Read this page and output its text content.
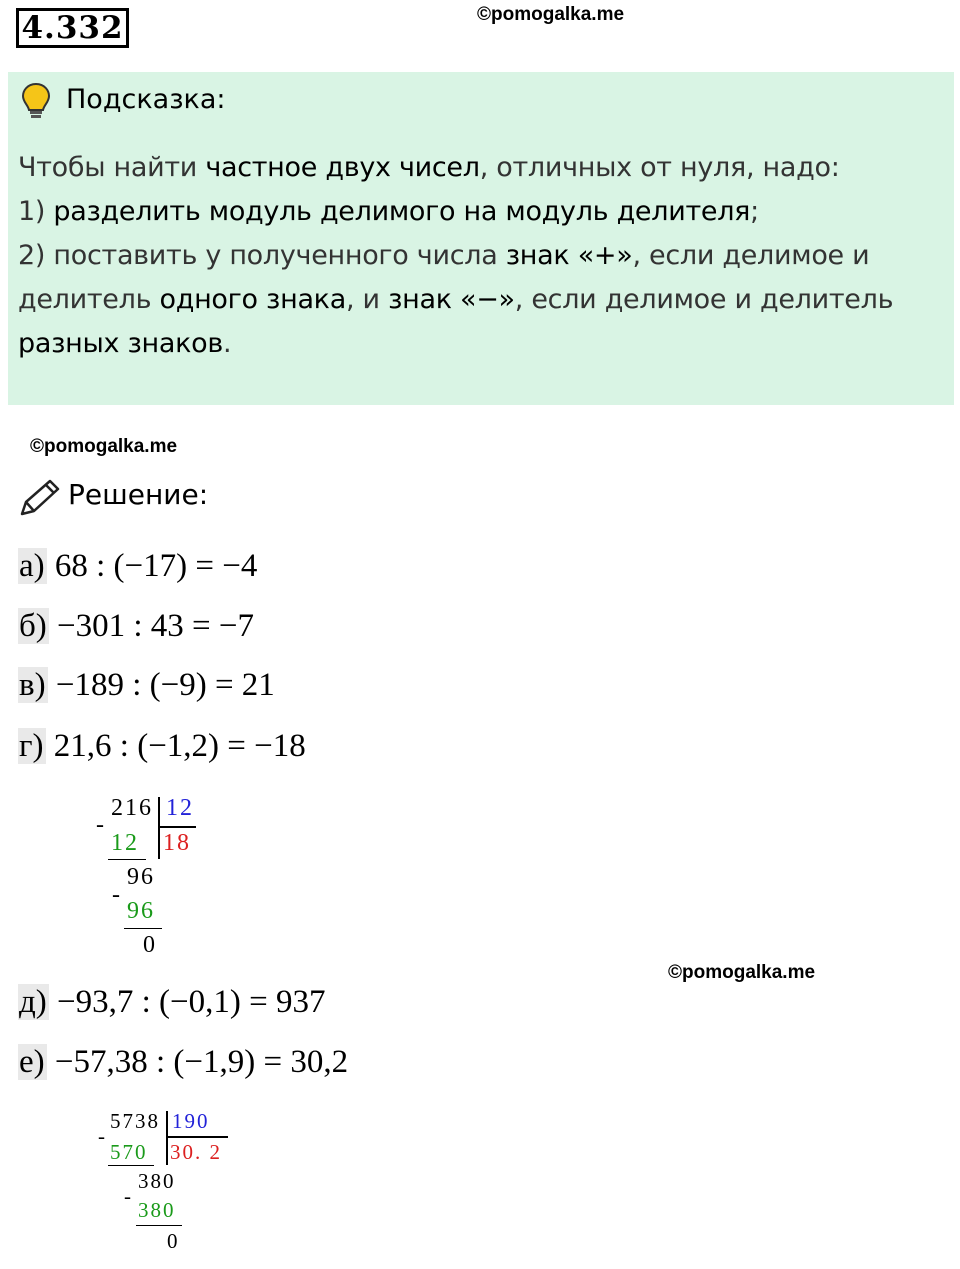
4.332	©pomogalka.me
Подсказка:
Чтобы найти частное двух чисел, отличных от нуля, надо:
1) разделить модуль делимого на модуль делителя;
2) поставить у полученного числа знак «+», если делимое и делитель одного знака, и знак «−», если делимое и делитель разных знаков.
©pomogalka.me
Решение:
а) 68 : (−17) = −4
б) −301 : 43 = −7
в) −189 : (−9) = 21
г) 21,6 : (−1,2) = −18
216 12
18
-
12
96
-
96
0
©pomogalka.me
д) −93,7 : (−0,1) = 937
е) −57,38 : (−1,9) = 30,2
5738 190
30. 2
-
570
380
-
380
0
